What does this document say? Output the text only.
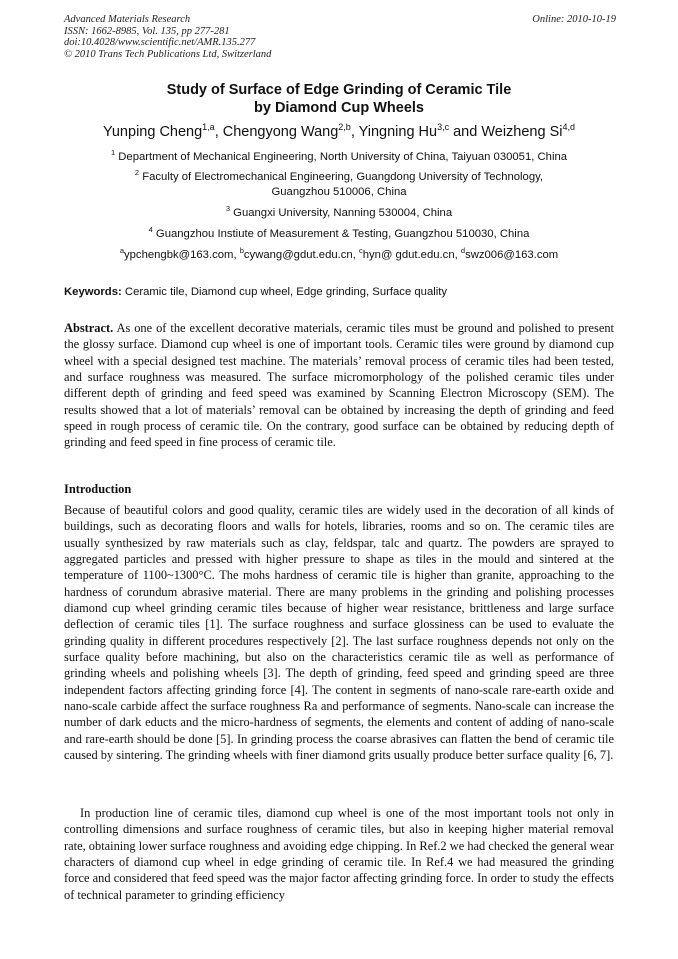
Advanced Materials Research
ISSN: 1662-8985, Vol. 135, pp 277-281
doi:10.4028/www.scientific.net/AMR.135.277
© 2010 Trans Tech Publications Ltd, Switzerland
Online: 2010-10-19
Study of Surface of Edge Grinding of Ceramic Tile
by Diamond Cup Wheels
Yunping Cheng$^{1,a}$, Chengyong Wang$^{2,b}$, Yingning Hu$^{3,c}$ and Weizheng Si$^{4,d}$
$^1$ Department of Mechanical Engineering, North University of China, Taiyuan 030051, China
$^2$ Faculty of Electromechanical Engineering, Guangdong University of Technology,
Guangzhou 510006, China
$^3$ Guangxi University, Nanning 530004, China
$^4$ Guangzhou Instiute of Measurement & Testing, Guangzhou 510030, China
$^a$ypchengbk@163.com, $^b$cywang@gdut.edu.cn, $^c$hyn@ gdut.edu.cn, $^d$swz006@163.com
Keywords: Ceramic tile, Diamond cup wheel, Edge grinding, Surface quality
Abstract. As one of the excellent decorative materials, ceramic tiles must be ground and polished to present the glossy surface. Diamond cup wheel is one of important tools. Ceramic tiles were ground by diamond cup wheel with a special designed test machine. The materials’ removal process of ceramic tiles had been tested, and surface roughness was measured. The surface micromorphology of the polished ceramic tiles under different depth of grinding and feed speed was examined by Scanning Electron Microscopy (SEM). The results showed that a lot of materials’ removal can be obtained by increasing the depth of grinding and feed speed in rough process of ceramic tile. On the contrary, good surface can be obtained by reducing depth of grinding and feed speed in fine process of ceramic tile.
Introduction
Because of beautiful colors and good quality, ceramic tiles are widely used in the decoration of all kinds of buildings, such as decorating floors and walls for hotels, libraries, rooms and so on. The ceramic tiles are usually synthesized by raw materials such as clay, feldspar, talc and quartz. The powders are sprayed to aggregated particles and pressed with higher pressure to shape as tiles in the mould and sintered at the temperature of 1100~1300°C. The mohs hardness of ceramic tile is higher than granite, approaching to the hardness of corundum abrasive material. There are many problems in the grinding and polishing processes diamond cup wheel grinding ceramic tiles because of higher wear resistance, brittleness and large surface deflection of ceramic tiles [1]. The surface roughness and surface glossiness can be used to evaluate the grinding quality in different procedures respectively [2]. The last surface roughness depends not only on the surface quality before machining, but also on the characteristics ceramic tile as well as performance of grinding wheels and polishing wheels [3]. The depth of grinding, feed speed and grinding speed are three independent factors affecting grinding force [4]. The content in segments of nano-scale rare-earth oxide and nano-scale carbide affect the surface roughness Ra and performance of segments. Nano-scale can increase the number of dark educts and the micro-hardness of segments, the elements and content of adding of nano-scale and rare-earth should be done [5]. In grinding process the coarse abrasives can flatten the bend of ceramic tile caused by sintering. The grinding wheels with finer diamond grits usually produce better surface quality [6, 7].
In production line of ceramic tiles, diamond cup wheel is one of the most important tools not only in controlling dimensions and surface roughness of ceramic tiles, but also in keeping higher material removal rate, obtaining lower surface roughness and avoiding edge chipping. In Ref.2 we had checked the general wear characters of diamond cup wheel in edge grinding of ceramic tile. In Ref.4 we had measured the grinding force and considered that feed speed was the major factor affecting grinding force. In order to study the effects of technical parameter to grinding efficiency
